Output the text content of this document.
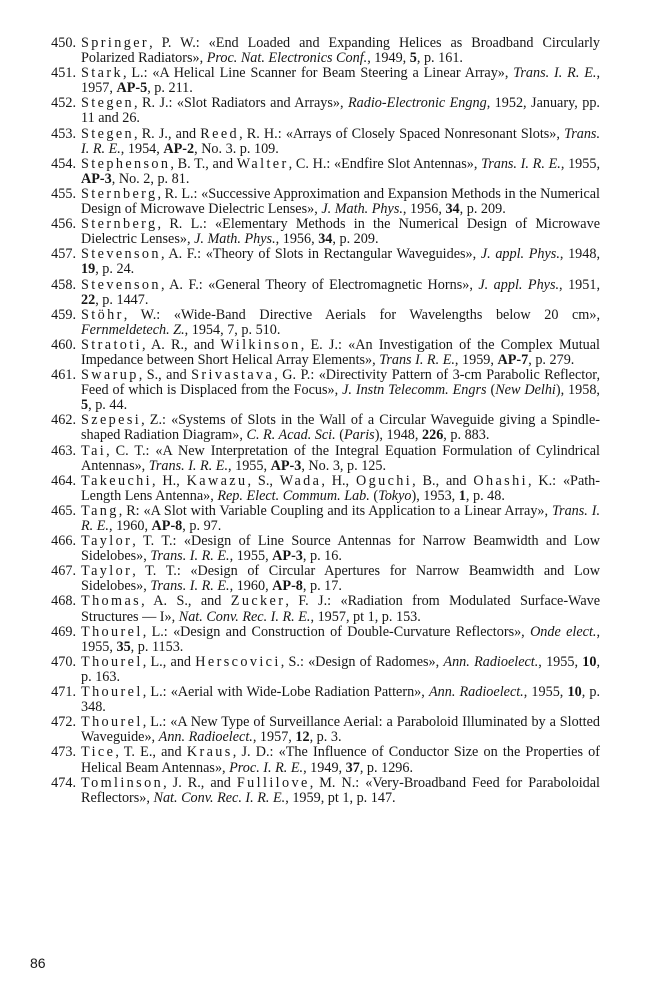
450. Springer, P. W.: «End Loaded and Expanding Helices as Broadband Circularly Polarized Radiators», Proc. Nat. Electronics Conf., 1949, 5, p. 161.
451. Stark, L.: «A Helical Line Scanner for Beam Steering a Linear Array», Trans. I. R. E., 1957, AP-5, p. 211.
452. Stegen, R. J.: «Slot Radiators and Arrays», Radio-Electronic Engng, 1952, January, pp. 11 and 26.
453. Stegen, R. J., and Reed, R. H.: «Arrays of Closely Spaced Nonresonant Slots», Trans. I. R. E., 1954, AP-2, No. 3. p. 109.
454. Stephenson, B. T., and Walter, C. H.: «Endfire Slot Antennas», Trans. I. R. E., 1955, AP-3, No. 2, p. 81.
455. Sternberg, R. L.: «Successive Approximation and Expansion Methods in the Numerical Design of Microwave Dielectric Lenses», J. Math. Phys., 1956, 34, p. 209.
456. Sternberg, R. L.: «Elementary Methods in the Numerical Design of Microwave Dielectric Lenses», J. Math. Phys., 1956, 34, p. 209.
457. Stevenson, A. F.: «Theory of Slots in Rectangular Waveguides», J. appl. Phys., 1948, 19, p. 24.
458. Stevenson, A. F.: «General Theory of Electromagnetic Horns», J. appl. Phys., 1951, 22, p. 1447.
459. Stöhr, W.: «Wide-Band Directive Aerials for Wavelengths below 20 cm», Fernmeldetech. Z., 1954, 7, p. 510.
460. Stratoti, A. R., and Wilkinson, E. J.: «An Investigation of the Complex Mutual Impedance between Short Helical Array Elements», Trans I. R. E., 1959, AP-7, p. 279.
461. Swarup, S., and Srivastava, G. P.: «Directivity Pattern of 3-cm Parabolic Reflector, Feed of which is Displaced from the Focus», J. Instn Telecomm. Engrs (New Delhi), 1958, 5, p. 44.
462. Szepesi, Z.: «Systems of Slots in the Wall of a Circular Waveguide giving a Spindle-shaped Radiation Diagram», C. R. Acad. Sci. (Paris), 1948, 226, p. 883.
463. Tai, C. T.: «A New Interpretation of the Integral Equation Formulation of Cylindrical Antennas», Trans. I. R. E., 1955, AP-3, No. 3, p. 125.
464. Takeuchi, H., Kawazu, S., Wada, H., Oguchi, B., and Ohashi, K.: «Path-Length Lens Antenna», Rep. Elect. Commum. Lab. (Tokyo), 1953, 1, p. 48.
465. Tang, R: «A Slot with Variable Coupling and its Application to a Linear Array», Trans. I. R. E., 1960, AP-8, p. 97.
466. Taylor, T. T.: «Design of Line Source Antennas for Narrow Beamwidth and Low Sidelobes», Trans. I. R. E., 1955, AP-3, p. 16.
467. Taylor, T. T.: «Design of Circular Apertures for Narrow Beamwidth and Low Sidelobes», Trans. I. R. E., 1960, AP-8, p. 17.
468. Thomas, A. S., and Zucker, F. J.: «Radiation from Modulated Surface-Wave Structures — I», Nat. Conv. Rec. I. R. E., 1957, pt 1, p. 153.
469. Thourel, L.: «Design and Construction of Double-Curvature Reflectors», Onde elect., 1955, 35, p. 1153.
470. Thourel, L., and Herscovici, S.: «Design of Radomes», Ann. Radioelect., 1955, 10, p. 163.
471. Thourel, L.: «Aerial with Wide-Lobe Radiation Pattern», Ann. Radioelect., 1955, 10, p. 348.
472. Thourel, L.: «A New Type of Surveillance Aerial: a Paraboloid Illuminated by a Slotted Waveguide», Ann. Radioelect., 1957, 12, p. 3.
473. Tice, T. E., and Kraus, J. D.: «The Influence of Conductor Size on the Properties of Helical Beam Antennas», Proc. I. R. E., 1949, 37, p. 1296.
474. Tomlinson, J. R., and Fullilove, M. N.: «Very-Broadband Feed for Paraboloidal Reflectors», Nat. Conv. Rec. I. R. E., 1959, pt 1, p. 147.
86
